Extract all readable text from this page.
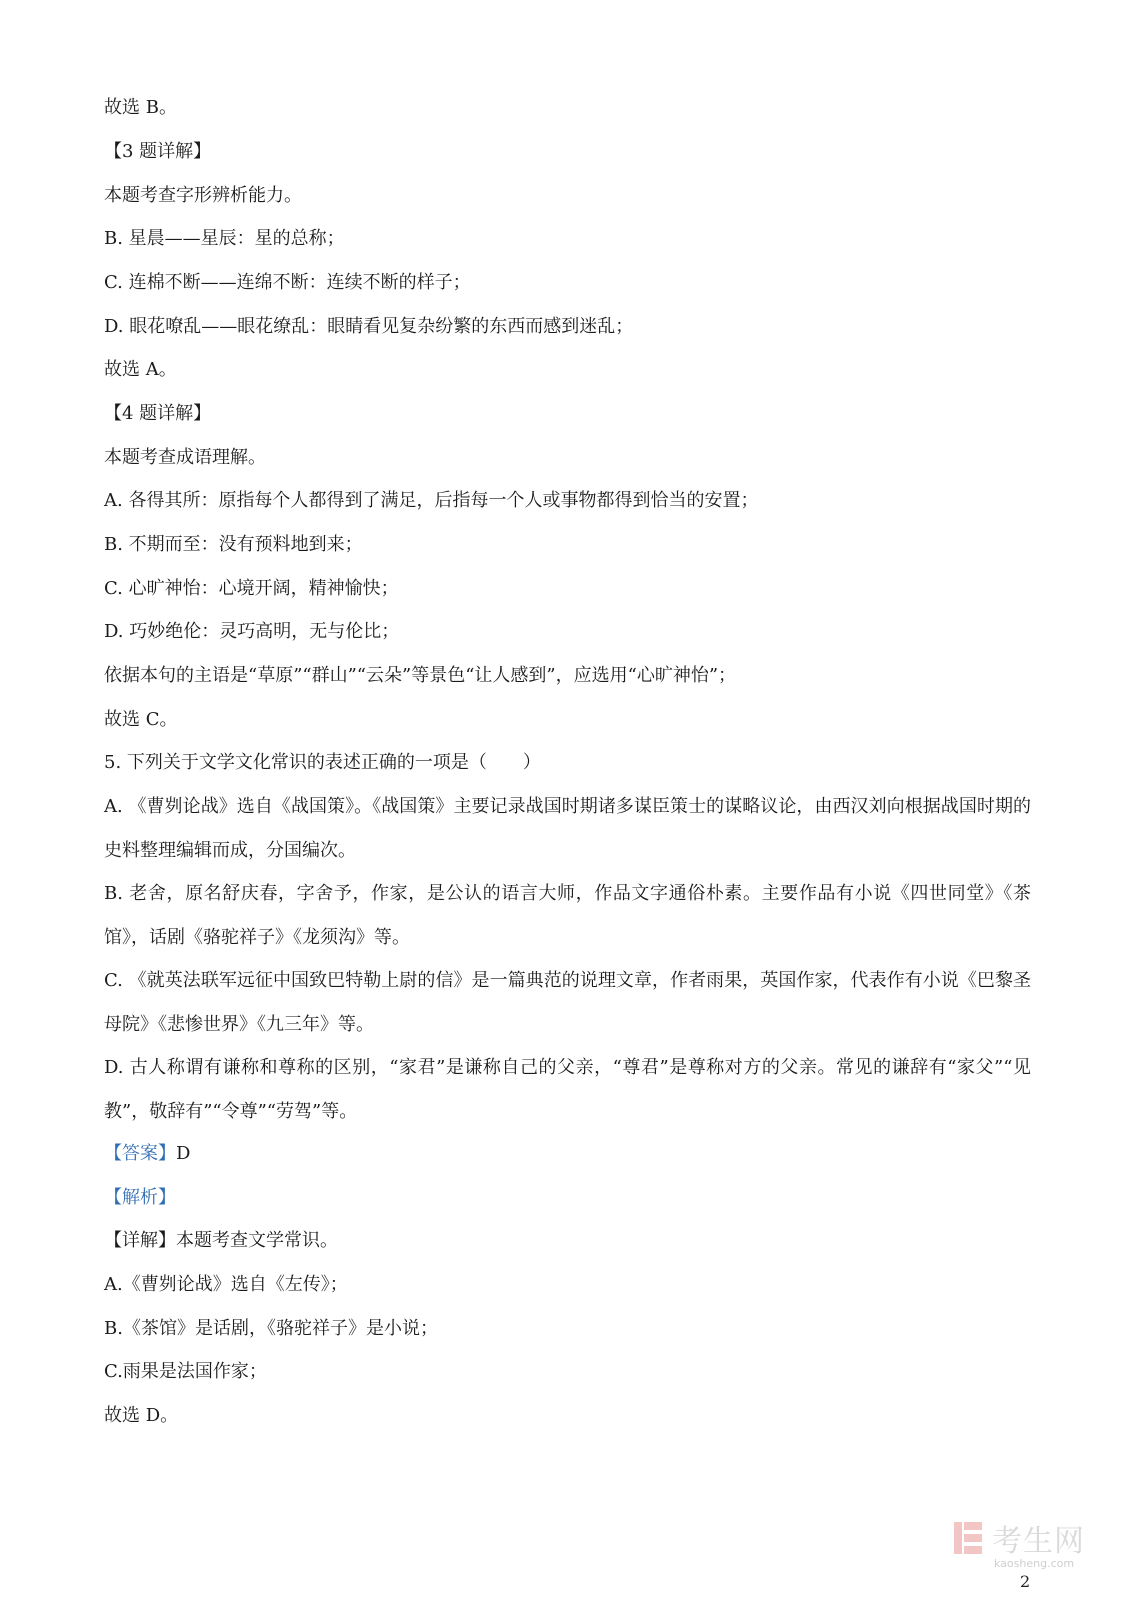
故选 B。
【3 题详解】
本题考查字形辨析能力。
B. 星晨——星辰：星的总称；
C. 连棉不断——连绵不断：连续不断的样子；
D. 眼花嘹乱——眼花缭乱：眼睛看见复杂纷繁的东西而感到迷乱；
故选 A。
【4 题详解】
本题考查成语理解。
A. 各得其所：原指每个人都得到了满足，后指每一个人或事物都得到恰当的安置；
B. 不期而至：没有预料地到来；
C. 心旷神怡：心境开阔，精神愉快；
D. 巧妙绝伦：灵巧高明，无与伦比；
依据本句的主语是“草原”“群山”“云朵”等景色“让人感到”，应选用“心旷神怡”；
故选 C。
5. 下列关于文学文化常识的表述正确的一项是（　　）
A. 《曹刿论战》选自《战国策》。《战国策》主要记录战国时期诸多谋臣策士的谋略议论，由西汉刘向根据战国时期的史料整理编辑而成，分国编次。
B. 老舍，原名舒庆春，字舍予，作家，是公认的语言大师，作品文字通俗朴素。主要作品有小说《四世同堂》《茶馆》，话剧《骆驼祥子》《龙须沟》等。
C. 《就英法联军远征中国致巴特勒上尉的信》是一篇典范的说理文章，作者雨果，英国作家，代表作有小说《巴黎圣母院》《悲惨世界》《九三年》等。
D. 古人称谓有谦称和尊称的区别，“家君”是谦称自己的父亲，“尊君”是尊称对方的父亲。常见的谦辞有“家父”“见教”，敬辞有”“令尊”“劳驾”等。
【答案】D
【解析】
【详解】本题考查文学常识。
A.《曹刿论战》选自《左传》；
B.《茶馆》是话剧，《骆驼祥子》是小说；
C.雨果是法国作家；
故选 D。
考生网
kaosheng.com
2
